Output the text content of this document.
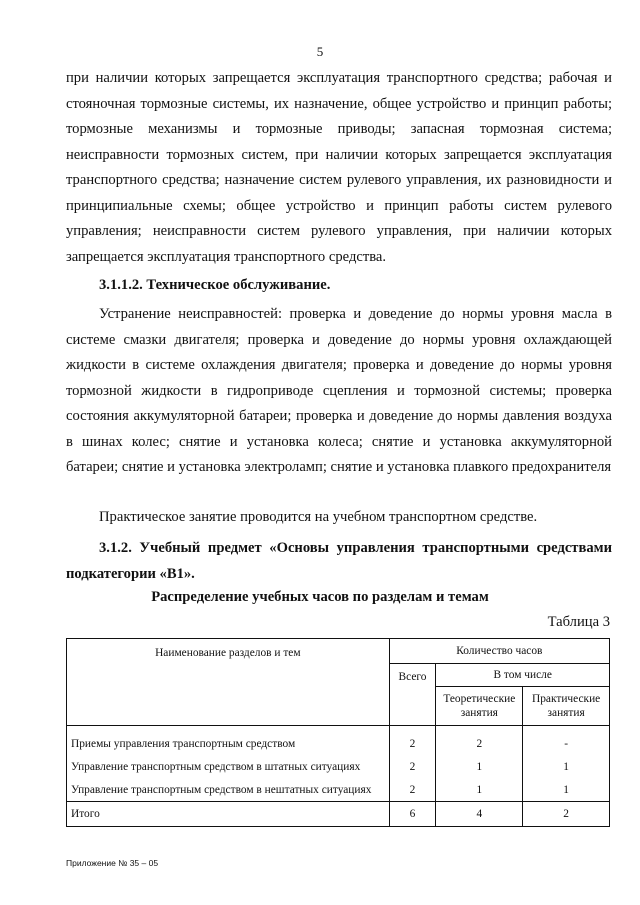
5

при наличии которых запрещается эксплуатация транспортного средства; рабочая и стояночная тормозные системы, их назначение, общее устройство и принцип работы; тормозные механизмы и тормозные приводы; запасная тормозная система; неисправности тормозных систем, при наличии которых запрещается эксплуатация транспортного средства; назначение систем рулевого управления, их разновидности и принципиальные схемы; общее устройство и принцип работы систем рулевого управления; неисправности систем рулевого управления, при наличии которых запрещается эксплуатация транспортного средства.

3.1.1.2. Техническое обслуживание.

Устранение неисправностей: проверка и доведение до нормы уровня масла в системе смазки двигателя; проверка и доведение до нормы уровня охлаждающей жидкости в системе охлаждения двигателя; проверка и доведение до нормы уровня тормозной жидкости в гидроприводе сцепления и тормозной системы; проверка состояния аккумуляторной батареи; проверка и доведение до нормы давления воздуха в шинах колес; снятие и установка колеса; снятие и установка аккумуляторной батареи; снятие и установка электроламп; снятие и установка плавкого предохранителя

Практическое занятие проводится на учебном транспортном средстве.

3.1.2. Учебный предмет «Основы управления транспортными средствами подкатегории «В1».

Распределение учебных часов по разделам и темам
Таблица 3
Наименование разделов и тем	Количество часов		
	Всего	В том числе	
		Теоретические занятия	Практические занятия
Приемы управления транспортным средством	2	2	-
Управление транспортным средством в штатных ситуациях	2	1	1
Управление транспортным средством в нештатных ситуациях	2	1	1
Итого	6	4	2
Приложение № 35 – 05
